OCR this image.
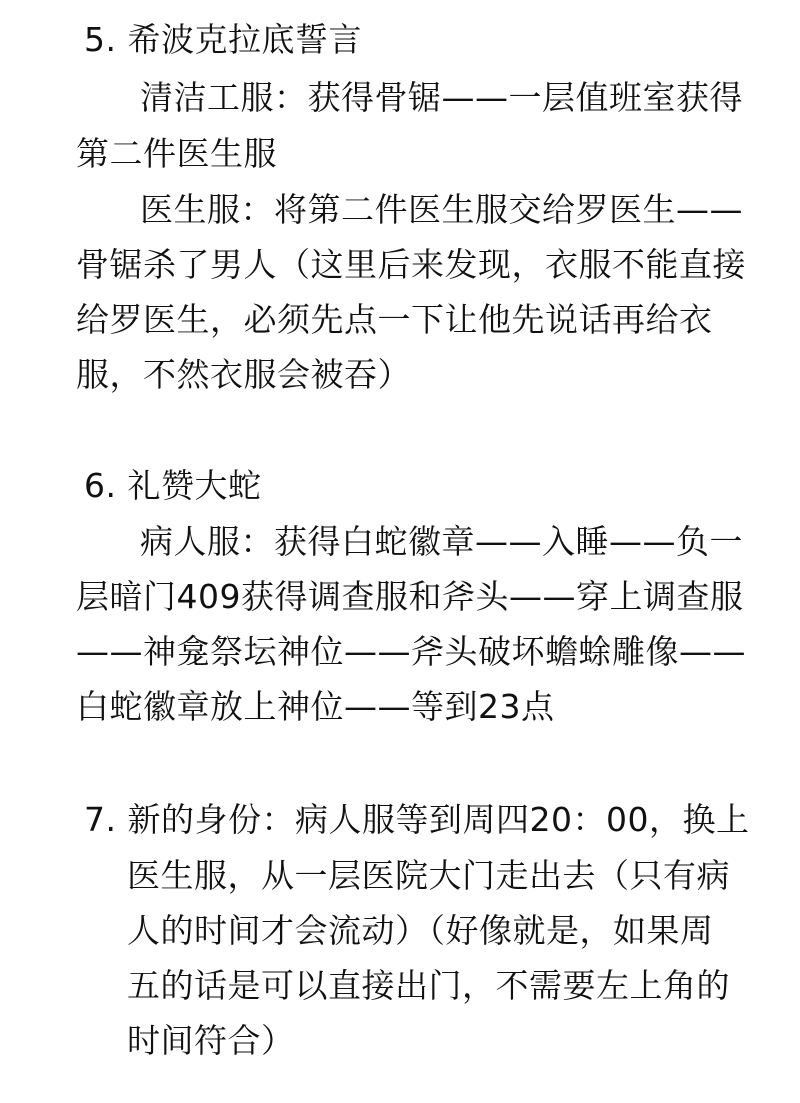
5. 希波克拉底誓言
清洁工服：获得骨锯——一层值班室获得
第二件医生服
医生服：将第二件医生服交给罗医生——
骨锯杀了男人（这里后来发现，衣服不能直接
给罗医生，必须先点一下让他先说话再给衣
服，不然衣服会被吞）
6. 礼赞大蛇
病人服：获得白蛇徽章——入睡——负一
层暗门409获得调查服和斧头——穿上调查服
——神龛祭坛神位——斧头破坏蟾蜍雕像——
白蛇徽章放上神位——等到23点
7. 新的身份：病人服等到周四20：00，换上
医生服，从一层医院大门走出去（只有病
人的时间才会流动）（好像就是，如果周
五的话是可以直接出门，不需要左上角的
时间符合）
